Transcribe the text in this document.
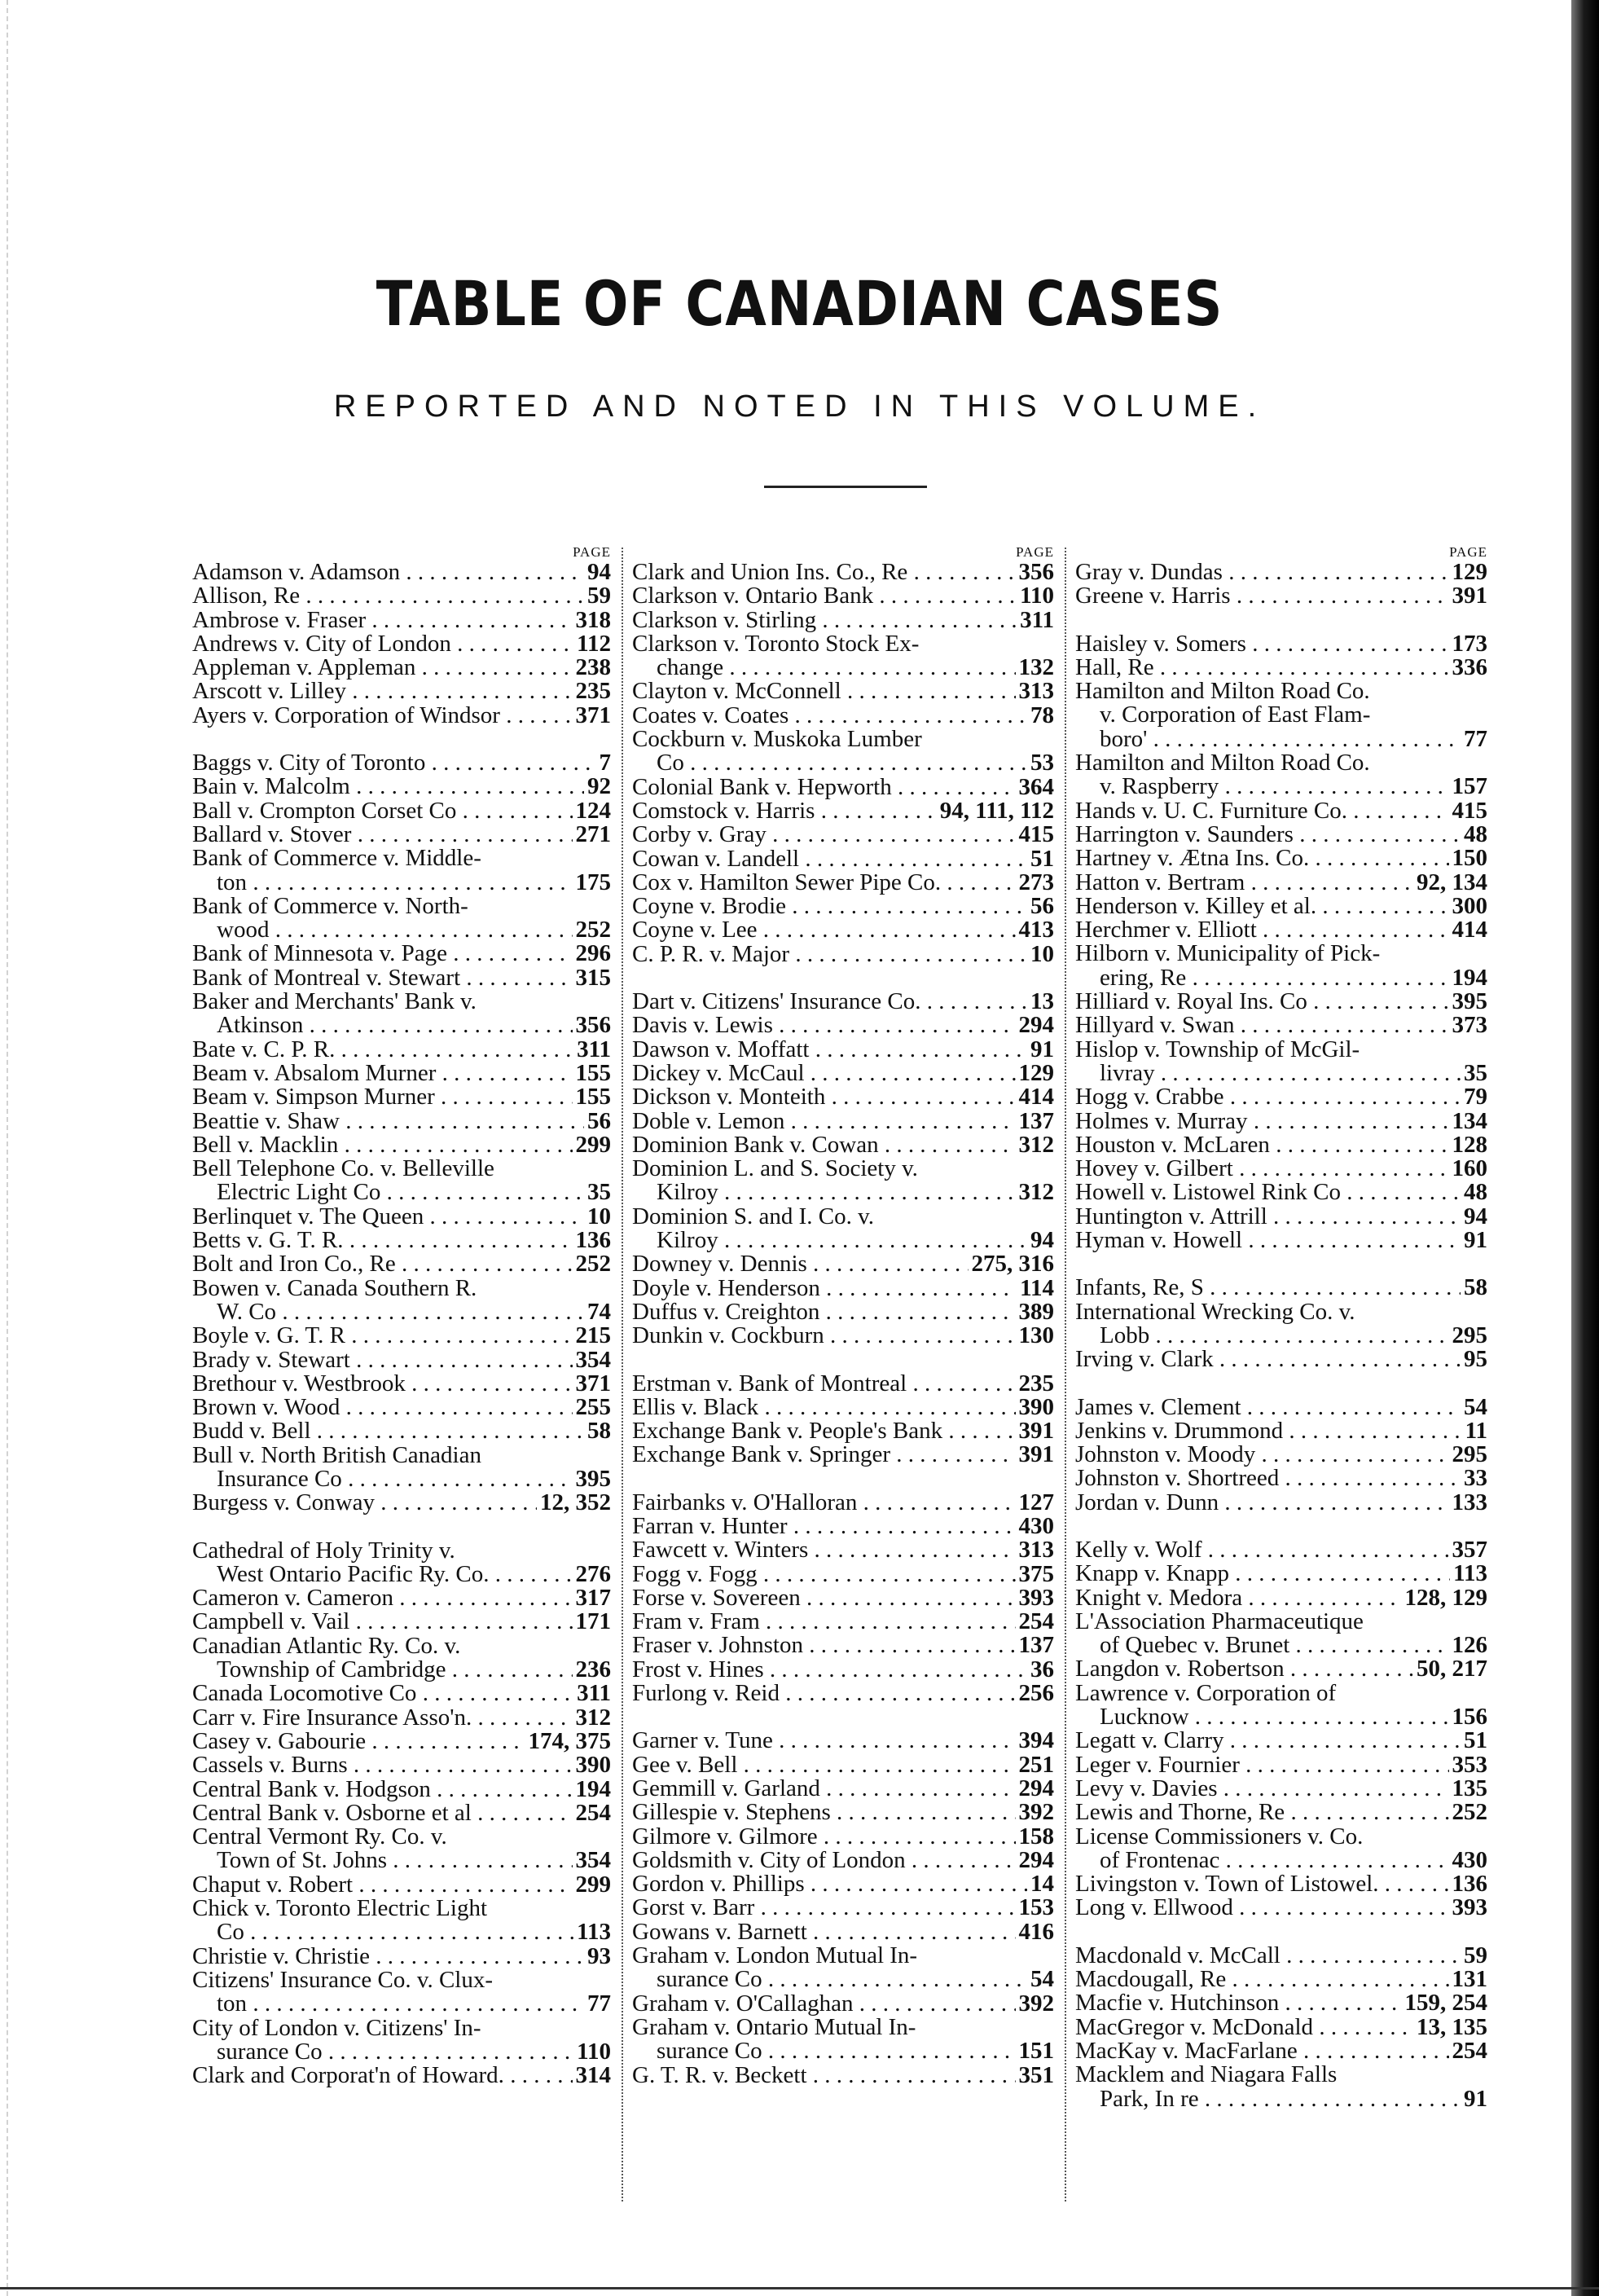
TABLE OF CANADIAN CASES
REPORTED AND NOTED IN THIS VOLUME.
PAGE
Adamson v. Adamson . . .	94
Allison, Re . . .	59
Ambrose v. Fraser . . .	318
Andrews v. City of London . . .	112
Appleman v. Appleman . . .	238
Arscott v. Lilley . . .	235
Ayers v. Corporation of Windsor . . .	371
Baggs v. City of Toronto . . .	7
Bain v. Malcolm . . .	92
Ball v. Crompton Corset Co . . .	124
Ballard v. Stover . . .	271
Bank of Commerce v. Middle-
ton . . .	175
Bank of Commerce v. North-
wood . . .	252
Bank of Minnesota v. Page . . .	296
Bank of Montreal v. Stewart . . .	315
Baker and Merchants' Bank v.
Atkinson . . .	356
Bate v. C. P. R. . . .	311
Beam v. Absalom Murner . . .	155
Beam v. Simpson Murner . . .	155
Beattie v. Shaw . . .	56
Bell v. Macklin . . .	299
Bell Telephone Co. v. Belleville
Electric Light Co . . .	35
Berlinquet v. The Queen . . .	10
Betts v. G. T. R. . . .	136
Bolt and Iron Co., Re . . .	252
Bowen v. Canada Southern R.
W. Co . . .	74
Boyle v. G. T. R . . .	215
Brady v. Stewart . . .	354
Brethour v. Westbrook . . .	371
Brown v. Wood . . .	255
Budd v. Bell . . .	58
Bull v. North British Canadian
Insurance Co . . .	395
Burgess v. Conway . . .	12, 352
Cathedral of Holy Trinity v.
West Ontario Pacific Ry. Co. . . .	276
Cameron v. Cameron . . .	317
Campbell v. Vail . . .	171
Canadian Atlantic Ry. Co. v.
Township of Cambridge . . .	236
Canada Locomotive Co . . .	311
Carr v. Fire Insurance Asso'n. . . .	312
Casey v. Gabourie . . .	174, 375
Cassels v. Burns . . .	390
Central Bank v. Hodgson . . .	194
Central Bank v. Osborne et al . . .	254
Central Vermont Ry. Co. v.
Town of St. Johns . . .	354
Chaput v. Robert . . .	299
Chick v. Toronto Electric Light
Co . . .	113
Christie v. Christie . . .	93
Citizens' Insurance Co. v. Clux-
ton . . .	77
City of London v. Citizens' In-
surance Co . . .	110
Clark and Corporat'n of Howard. . . .	314
PAGE
Clark and Union Ins. Co., Re . . .	356
Clarkson v. Ontario Bank . . .	110
Clarkson v. Stirling . . .	311
Clarkson v. Toronto Stock Ex-
change . . .	132
Clayton v. McConnell . . .	313
Coates v. Coates . . .	78
Cockburn v. Muskoka Lumber
Co . . .	53
Colonial Bank v. Hepworth . . .	364
Comstock v. Harris . . .	94, 111, 112
Corby v. Gray . . .	415
Cowan v. Landell . . .	51
Cox v. Hamilton Sewer Pipe Co. . . .	273
Coyne v. Brodie . . .	56
Coyne v. Lee . . .	413
C. P. R. v. Major . . .	10
Dart v. Citizens' Insurance Co. . . .	13
Davis v. Lewis . . .	294
Dawson v. Moffatt . . .	91
Dickey v. McCaul . . .	129
Dickson v. Monteith . . .	414
Doble v. Lemon . . .	137
Dominion Bank v. Cowan . . .	312
Dominion L. and S. Society v.
Kilroy . . .	312
Dominion S. and I. Co. v.
Kilroy . . .	94
Downey v. Dennis . . .	275, 316
Doyle v. Henderson . . .	114
Duffus v. Creighton . . .	389
Dunkin v. Cockburn . . .	130
Erstman v. Bank of Montreal . . .	235
Ellis v. Black . . .	390
Exchange Bank v. People's Bank . . .	391
Exchange Bank v. Springer . . .	391
Fairbanks v. O'Halloran . . .	127
Farran v. Hunter . . .	430
Fawcett v. Winters . . .	313
Fogg v. Fogg . . .	375
Forse v. Sovereen . . .	393
Fram v. Fram . . .	254
Fraser v. Johnston . . .	137
Frost v. Hines . . .	36
Furlong v. Reid . . .	256
Garner v. Tune . . .	394
Gee v. Bell . . .	251
Gemmill v. Garland . . .	294
Gillespie v. Stephens . . .	392
Gilmore v. Gilmore . . .	158
Goldsmith v. City of London . . .	294
Gordon v. Phillips . . .	14
Gorst v. Barr . . .	153
Gowans v. Barnett . . .	416
Graham v. London Mutual In-
surance Co . . .	54
Graham v. O'Callaghan . . .	392
Graham v. Ontario Mutual In-
surance Co . . .	151
G. T. R. v. Beckett . . .	351
PAGE
Gray v. Dundas . . .	129
Greene v. Harris . . .	391
Haisley v. Somers . . .	173
Hall, Re . . .	336
Hamilton and Milton Road Co.
v. Corporation of East Flam-
boro' . . .	77
Hamilton and Milton Road Co.
v. Raspberry . . .	157
Hands v. U. C. Furniture Co. . . .	415
Harrington v. Saunders . . .	48
Hartney v. Ætna Ins. Co. . . .	150
Hatton v. Bertram . . .	92, 134
Henderson v. Killey et al. . . .	300
Herchmer v. Elliott . . .	414
Hilborn v. Municipality of Pick-
ering, Re . . .	194
Hilliard v. Royal Ins. Co . . .	395
Hillyard v. Swan . . .	373
Hislop v. Township of McGil-
livray . . .	35
Hogg v. Crabbe . . .	79
Holmes v. Murray . . .	134
Houston v. McLaren . . .	128
Hovey v. Gilbert . . .	160
Howell v. Listowel Rink Co . . .	48
Huntington v. Attrill . . .	94
Hyman v. Howell . . .	91
Infants, Re, S . . .	58
International Wrecking Co. v.
Lobb . . .	295
Irving v. Clark . . .	95
James v. Clement . . .	54
Jenkins v. Drummond . . .	11
Johnston v. Moody . . .	295
Johnston v. Shortreed . . .	33
Jordan v. Dunn . . .	133
Kelly v. Wolf . . .	357
Knapp v. Knapp . . .	113
Knight v. Medora . . .	128, 129
L'Association Pharmaceutique
of Quebec v. Brunet . . .	126
Langdon v. Robertson . . .	50, 217
Lawrence v. Corporation of
Lucknow . . .	156
Legatt v. Clarry . . .	51
Leger v. Fournier . . .	353
Levy v. Davies . . .	135
Lewis and Thorne, Re . . .	252
License Commissioners v. Co.
of Frontenac . . .	430
Livingston v. Town of Listowel. . . .	136
Long v. Ellwood . . .	393
Macdonald v. McCall . . .	59
Macdougall, Re . . .	131
Macfie v. Hutchinson . . .	159, 254
MacGregor v. McDonald . . .	13, 135
MacKay v. MacFarlane . . .	254
Macklem and Niagara Falls
Park, In re . . .	91
